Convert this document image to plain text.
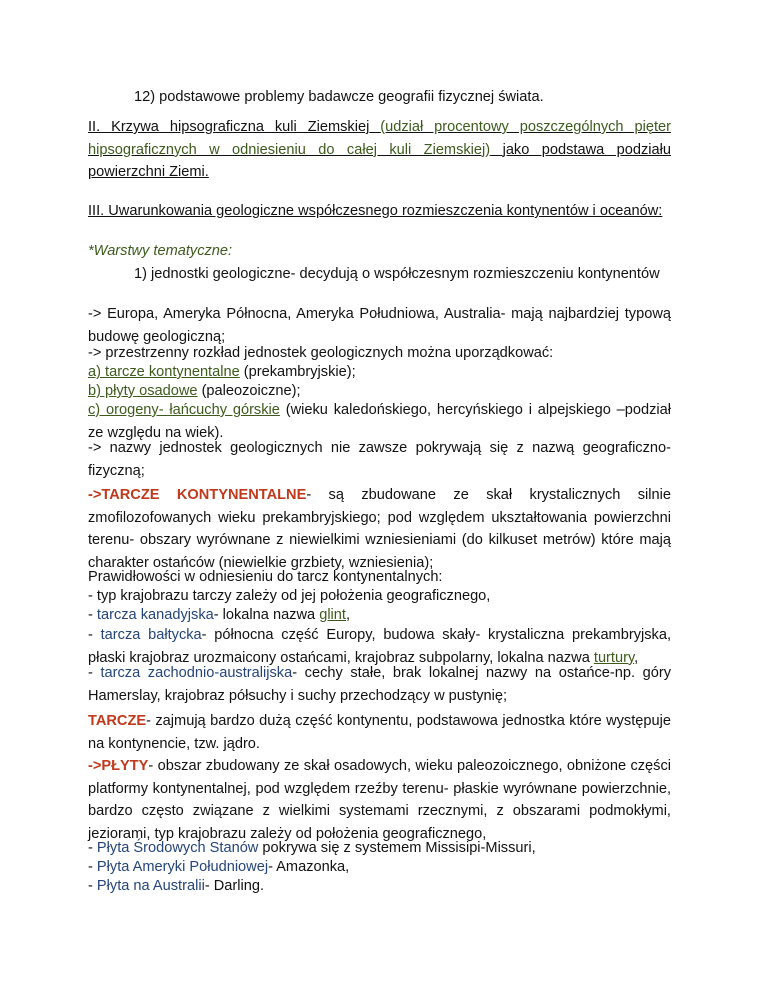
12) podstawowe problemy badawcze geografii fizycznej świata.
II. Krzywa hipsograficzna kuli Ziemskiej (udział procentowy poszczególnych pięter hipsograficznych w odniesieniu do całej kuli Ziemskiej) jako podstawa podziału powierzchni Ziemi.
III. Uwarunkowania geologiczne współczesnego rozmieszczenia kontynentów i oceanów:
*Warstwy tematyczne:
1) jednostki geologiczne- decydują o współczesnym rozmieszczeniu kontynentów
-> Europa, Ameryka Północna, Ameryka Południowa, Australia- mają najbardziej typową budowę geologiczną;
-> przestrzenny rozkład jednostek geologicznych można uporządkować:
a) tarcze kontynentalne (prekambryjskie);
b) płyty osadowe (paleozoiczne);
c) orogeny- łańcuchy górskie (wieku kaledońskiego, hercyńskiego i alpejskiego –podział ze względu na wiek).
-> nazwy jednostek geologicznych nie zawsze pokrywają się z nazwą geograficzno-fizyczną;
->TARCZE KONTYNENTALNE- są zbudowane ze skał krystalicznych silnie zmofilozofowanych wieku prekambryjskiego; pod względem ukształtowania powierzchni terenu- obszary wyrównane z niewielkimi wzniesieniami (do kilkuset metrów) które mają charakter ostańców (niewielkie grzbiety, wzniesienia);
Prawidłowości w odniesieniu do tarcz kontynentalnych:
- typ krajobrazu tarczy zależy od jej położenia geograficznego,
- tarcza kanadyjska- lokalna nazwa glint,
- tarcza bałtycka- północna część Europy, budowa skały- krystaliczna prekambryjska, płaski krajobraz urozmaicony ostańcami, krajobraz subpolarny, lokalna nazwa turtury,
- tarcza zachodnio-australijska- cechy stałe, brak lokalnej nazwy na ostańce-np. góry Hamerslay, krajobraz półsuchy i suchy przechodzący w pustynię;
TARCZE- zajmują bardzo dużą część kontynentu, podstawowa jednostka które występuje na kontynencie, tzw. jądro.
->PŁYTY- obszar zbudowany ze skał osadowych, wieku paleozoicznego, obniżone części platformy kontynentalnej, pod względem rzeźby terenu- płaskie wyrównane powierzchnie, bardzo często związane z wielkimi systemami rzecznymi, z obszarami podmokłymi, jeziorami, typ krajobrazu zależy od położenia geograficznego,
- Płyta Środowych Stanów pokrywa się z systemem Missisipi-Missuri,
- Płyta Ameryki Południowej- Amazonka,
- Płyta na Australii- Darling.
